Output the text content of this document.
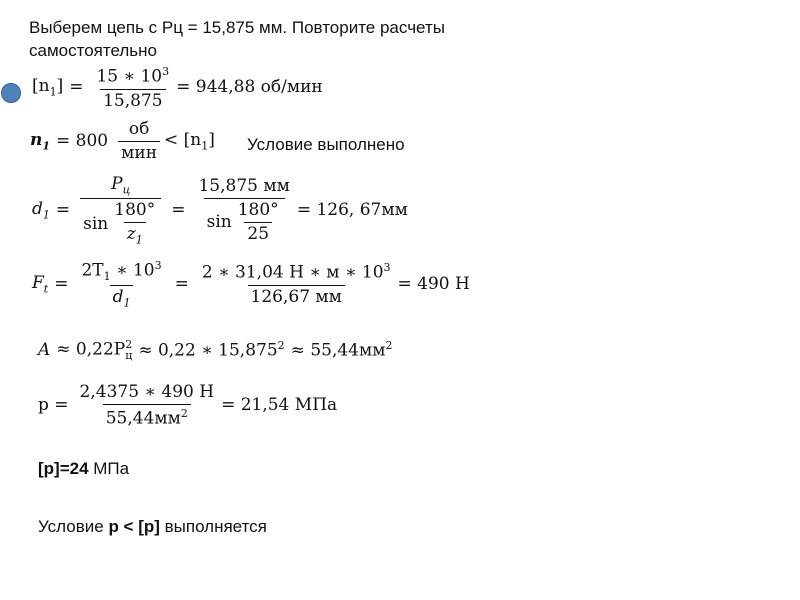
Выберем цепь с Рц = 15,875 мм. Повторите расчеты самостоятельно
$[n_1] = \frac{15 ∗ 10^3}{15,875} = 944,88$ об/мин
$n_1 = 800 \frac{об}{\text{мин}} < [n_1]$ Условие выполнено
$d_1 = \frac{P_ц}{\sin \frac{180^\circ}{z_1}} = \frac{15,875 мм}{\sin \frac{180^\circ}{25}} = 126$, 67мм
$F_t = \frac{2T_1 ∗ 10^3}{d_1} = \frac{2 ∗ 31,04 Н ∗ м ∗ 10^3}{126,67 мм} = 490$ Н
A ≈ 0,22Р 2
ц ≈ 0,22 ∗ $15,875^2 \approx 55,44мм^2$
$р = \frac{2,4375 ∗ 490 Н}{55,44мм^2} = 21,54$ МПа
[р]=24 МПа
Условие р < [р] выполняется
